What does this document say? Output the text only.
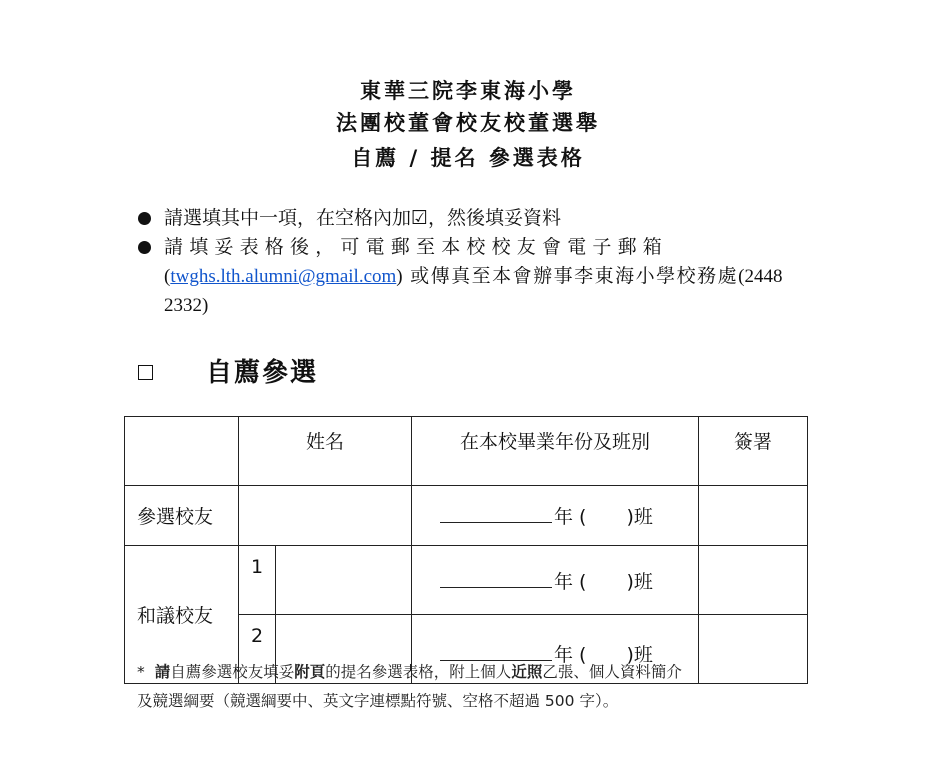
東華三院李東海小學
法團校董會校友校董選舉
自薦 / 提名 參選表格
請選填其中一項，在空格內加☑，然後填妥資料
請填妥表格後，可電郵至本校校友會電子郵箱
(twghs.lth.alumni@gmail.com) 或傳真至本會辦事李東海小學校務處(2448 2332)
自薦參選
	姓名		在本校畢業年份及班別	簽署
參選校友			年 ( )班	
和議校友	1		年 ( )班	
	2		年 ( )班	
* 請自薦參選校友填妥附頁的提名參選表格，附上個人近照乙張、個人資料簡介
及競選綱要（競選綱要中、英文字連標點符號、空格不超過 500 字）。
